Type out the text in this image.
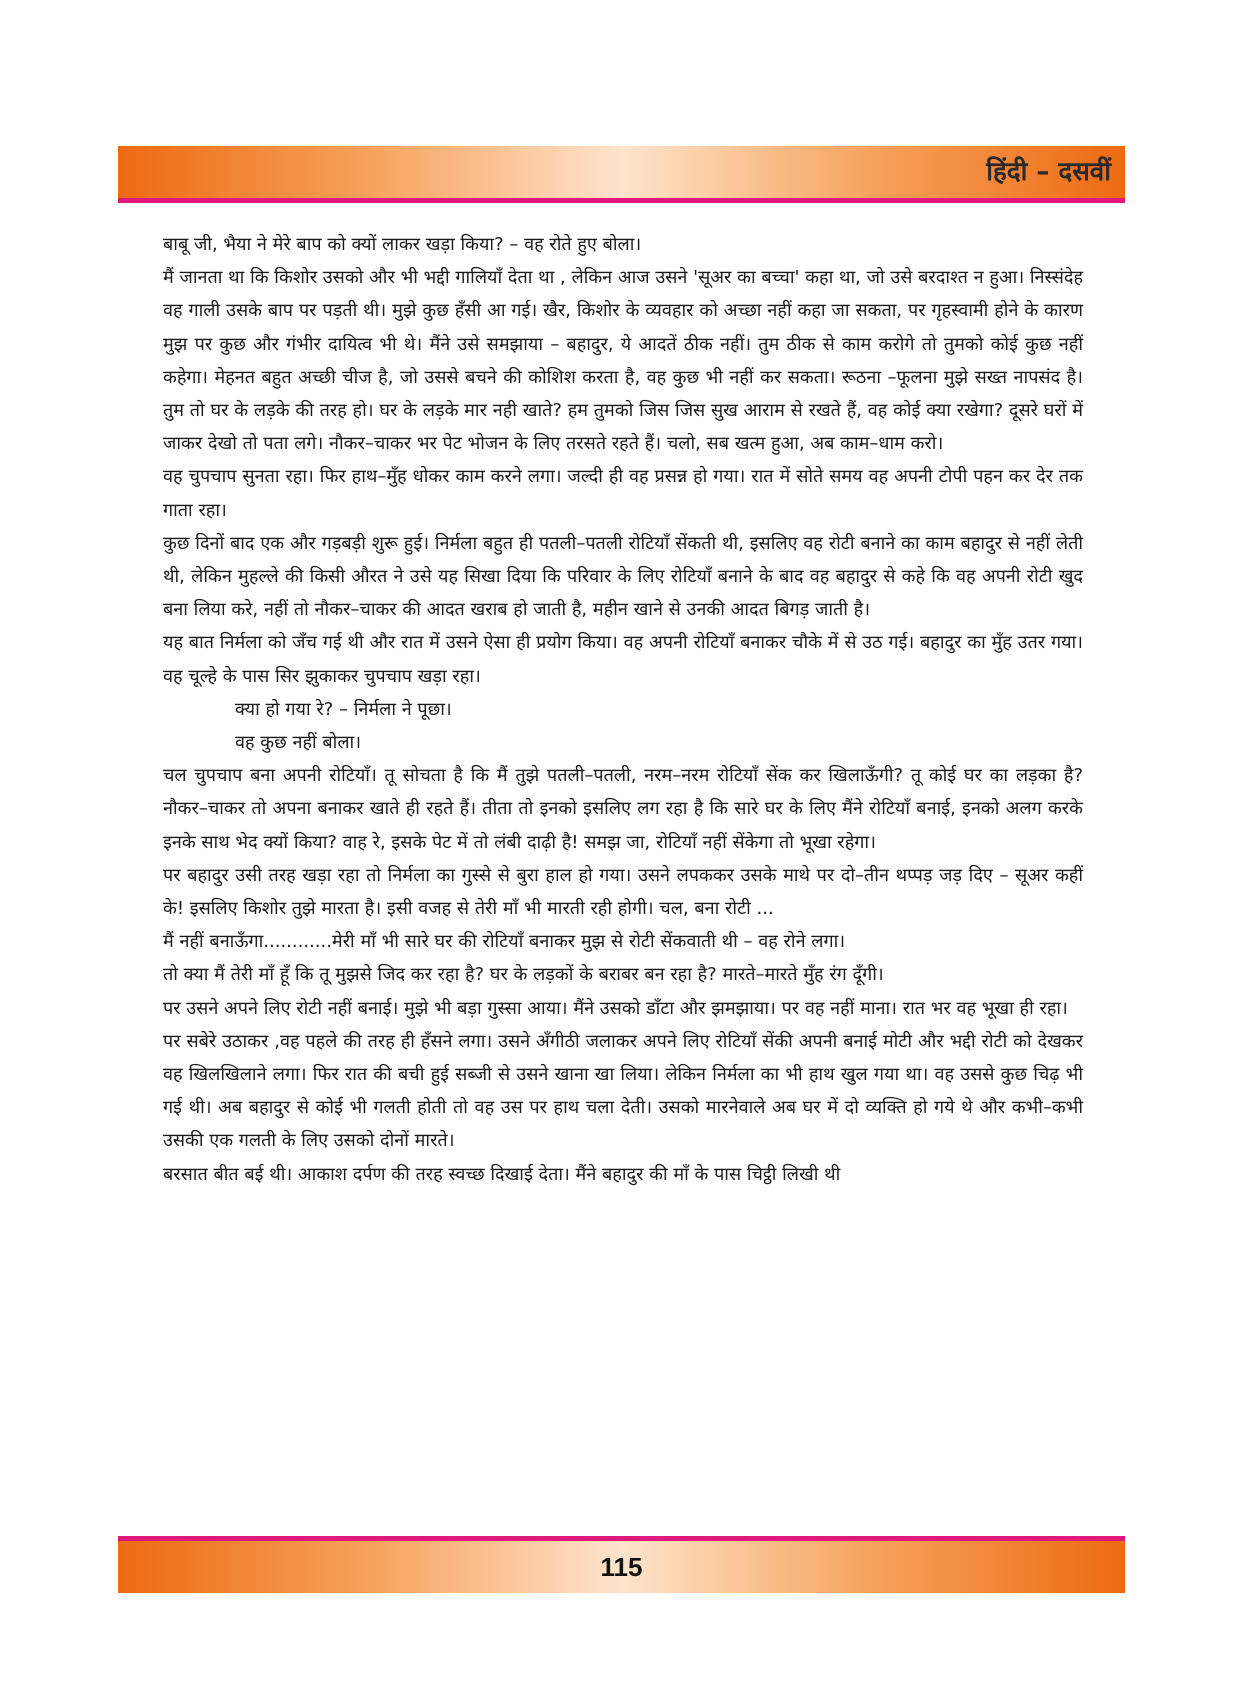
हिंदी – दसवीं

बाबू जी, भैया ने मेरे बाप को क्यों लाकर खड़ा किया? – वह रोते हुए बोला।

मैं जानता था कि किशोर उसको और भी भद्दी गालियाँ देता था , लेकिन आज उसने 'सूअर का बच्चा' कहा था, जो उसे बरदाश्त न हुआ। निस्संदेह वह गाली उसके बाप पर पड़ती थी। मुझे कुछ हँसी आ गई। खैर, किशोर के व्यवहार को अच्छा नहीं कहा जा सकता, पर गृहस्वामी होने के कारण मुझ पर कुछ और गंभीर दायित्व भी थे। मैंने उसे समझाया – बहादुर, ये आदतें ठीक नहीं। तुम ठीक से काम करोगे तो तुमको कोई कुछ नहीं कहेगा। मेहनत बहुत अच्छी चीज है, जो उससे बचने की कोशिश करता है, वह कुछ भी नहीं कर सकता। रूठना –फूलना मुझे सख्त नापसंद है। तुम तो घर के लड़के की तरह हो। घर के लड़के मार नही खाते? हम तुमको जिस जिस सुख आराम से रखते हैं, वह कोई क्या रखेगा? दूसरे घरों में जाकर देखो तो पता लगे। नौकर–चाकर भर पेट भोजन के लिए तरसते रहते हैं। चलो, सब खत्म हुआ, अब काम–धाम करो।

वह चुपचाप सुनता रहा। फिर हाथ–मुँह धोकर काम करने लगा। जल्दी ही वह प्रसन्न हो गया। रात में सोते समय वह अपनी टोपी पहन कर देर तक गाता रहा।

कुछ दिनों बाद एक और गड़बड़ी शुरू हुई। निर्मला बहुत ही पतली–पतली रोटियाँ सेंकती थी, इसलिए वह रोटी बनाने का काम बहादुर से नहीं लेती थी, लेकिन मुहल्ले की किसी औरत ने उसे यह सिखा दिया कि परिवार के लिए रोटियाँ बनाने के बाद वह बहादुर से कहे कि वह अपनी रोटी खुद बना लिया करे, नहीं तो नौकर–चाकर की आदत खराब हो जाती है, महीन खाने से उनकी आदत बिगड़ जाती है।

यह बात निर्मला को जँच गई थी और रात में उसने ऐसा ही प्रयोग किया। वह अपनी रोटियाँ बनाकर चौके में से उठ गई। बहादुर का मुँह उतर गया। वह चूल्हे के पास सिर झुकाकर चुपचाप खड़ा रहा।

क्या हो गया रे? – निर्मला ने पूछा।

वह कुछ नहीं बोला।

चल चुपचाप बना अपनी रोटियाँ। तू सोचता है कि मैं तुझे पतली–पतली, नरम–नरम रोटियाँ सेंक कर खिलाऊँगी? तू कोई घर का लड़का है? नौकर–चाकर तो अपना बनाकर खाते ही रहते हैं। तीता तो इनको इसलिए लग रहा है कि सारे घर के लिए मैंने रोटियाँ बनाई, इनको अलग करके इनके साथ भेद क्यों किया? वाह रे, इसके पेट में तो लंबी दाढ़ी है! समझ जा, रोटियाँ नहीं सेंकेगा तो भूखा रहेगा।

पर बहादुर उसी तरह खड़ा रहा तो निर्मला का गुस्से से बुरा हाल हो गया। उसने लपककर उसके माथे पर दो–तीन थप्पड़ जड़ दिए – सूअर कहीं के! इसलिए किशोर तुझे मारता है। इसी वजह से तेरी माँ भी मारती रही होगी। चल, बना रोटी ...

मैं नहीं बनाऊँगा............मेरी माँ भी सारे घर की रोटियाँ बनाकर मुझ से रोटी सेंकवाती थी – वह रोने लगा।

तो क्या मैं तेरी माँ हूँ कि तू मुझसे जिद कर रहा है? घर के लड़कों के बराबर बन रहा है? मारते–मारते मुँह रंग दूँगी।

पर उसने अपने लिए रोटी नहीं बनाई। मुझे भी बड़ा गुस्सा आया। मैंने उसको डाँटा और झमझाया। पर वह नहीं माना। रात भर वह भूखा ही रहा।

पर सबेरे उठाकर ,वह पहले की तरह ही हँसने लगा। उसने अँगीठी जलाकर अपने लिए रोटियाँ सेंकी अपनी बनाई मोटी और भद्दी रोटी को देखकर वह खिलखिलाने लगा। फिर रात की बची हुई सब्जी से उसने खाना खा लिया। लेकिन निर्मला का भी हाथ खुल गया था। वह उससे कुछ चिढ़ भी गई थी। अब बहादुर से कोई भी गलती होती तो वह उस पर हाथ चला देती। उसको मारनेवाले अब घर में दो व्यक्ति हो गये थे और कभी–कभी उसकी एक गलती के लिए उसको दोनों मारते।

बरसात बीत बई थी। आकाश दर्पण की तरह स्वच्छ दिखाई देता। मैंने बहादुर की माँ के पास चिट्ठी लिखी थी

115
